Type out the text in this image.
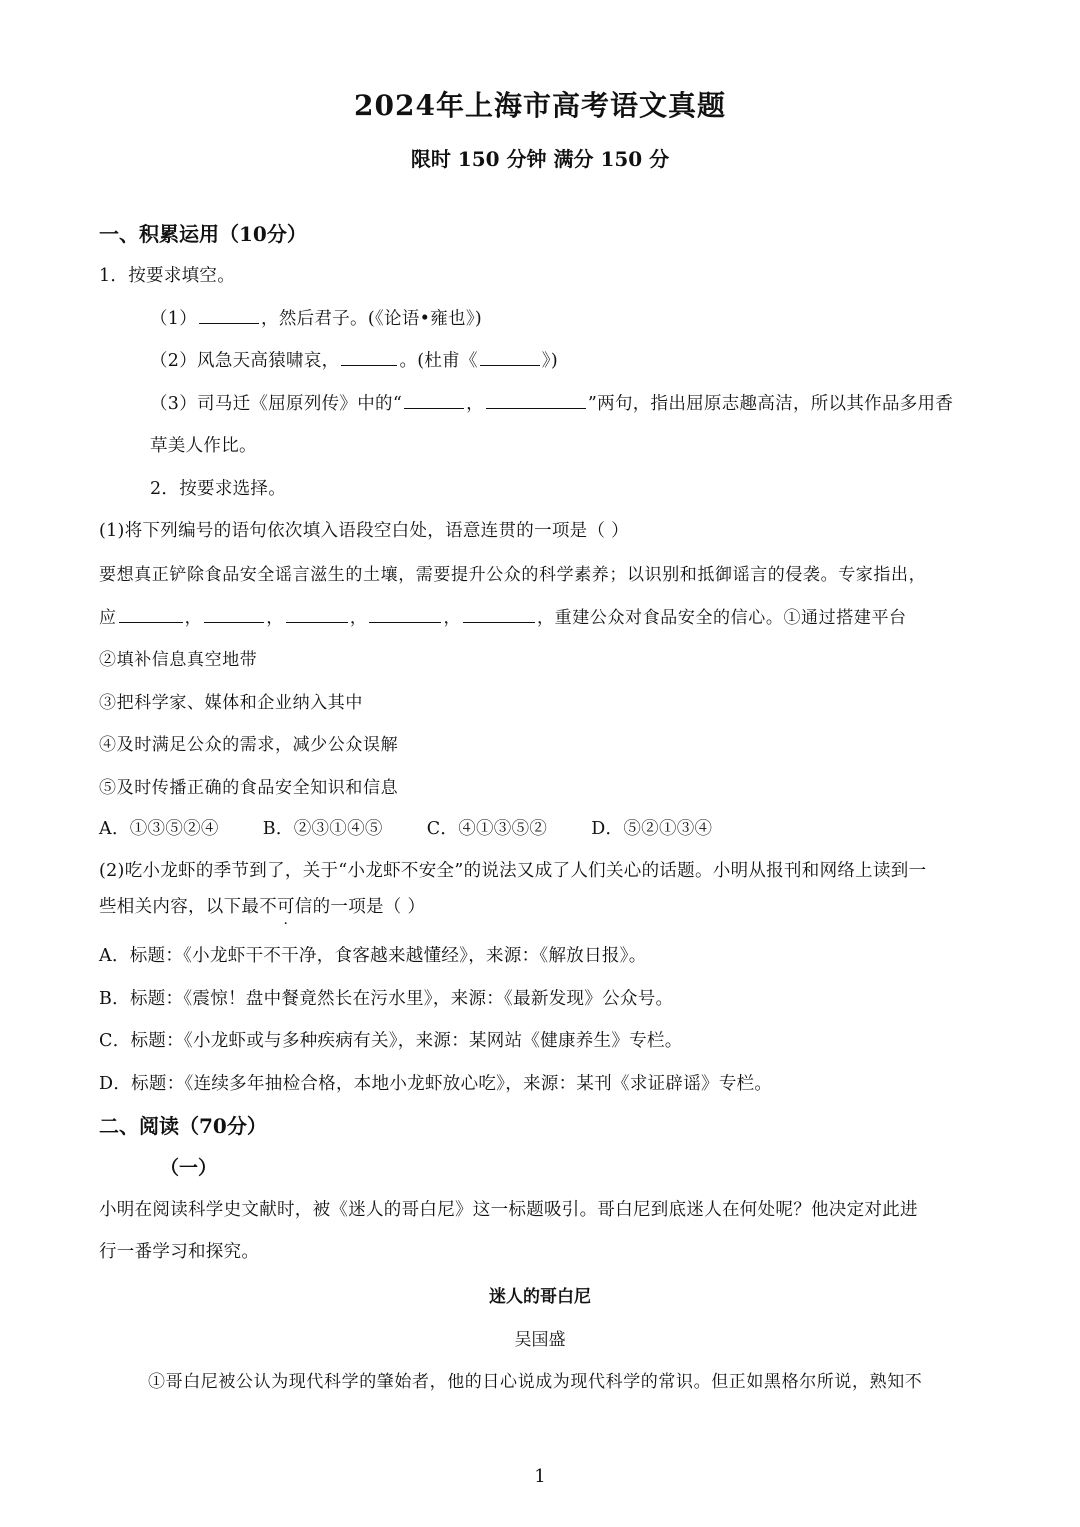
2024年上海市高考语文真题
限时 150 分钟 满分 150 分
一、积累运用（10分）
1．按要求填空。
（1）	，然后君子。(《论语•雍也》)
（2）风急天高猿啸哀，	。(杜甫《	》)
（3）司马迁《屈原列传》中的“	，	”两句，指出屈原志趣高洁，所以其作品多用香
草美人作比。
2．按要求选择。
(1)将下列编号的语句依次填入语段空白处，语意连贯的一项是（ ）
要想真正铲除食品安全谣言滋生的土壤，需要提升公众的科学素养；以识别和抵御谣言的侵袭。专家指出，
应	，	，	，	，	，重建公众对食品安全的信心。①通过搭建平台
②填补信息真空地带
③把科学家、媒体和企业纳入其中
④及时满足公众的需求，减少公众误解
⑤及时传播正确的食品安全知识和信息
A．①③⑤②④	B．②③①④⑤	C．④①③⑤②	D．⑤②①③④
(2)吃小龙虾的季节到了，关于“小龙虾不安全”的说法又成了人们关心的话题。小明从报刊和网络上读到一
些相关内容，以下最不可信的一项是（ ）
A．标题：《小龙虾干不干净，食客越来越懂经》，来源：《解放日报》。
B．标题：《震惊！盘中餐竟然长在污水里》，来源：《最新发现》公众号。
C．标题：《小龙虾或与多种疾病有关》，来源：某网站《健康养生》专栏。
D．标题：《连续多年抽检合格，本地小龙虾放心吃》，来源：某刊《求证辟谣》专栏。
二、阅读（70分）
（一）
小明在阅读科学史文献时，被《迷人的哥白尼》这一标题吸引。哥白尼到底迷人在何处呢？他决定对此进
行一番学习和探究。
迷人的哥白尼
吴国盛
①哥白尼被公认为现代科学的肇始者，他的日心说成为现代科学的常识。但正如黑格尔所说，熟知不
1
